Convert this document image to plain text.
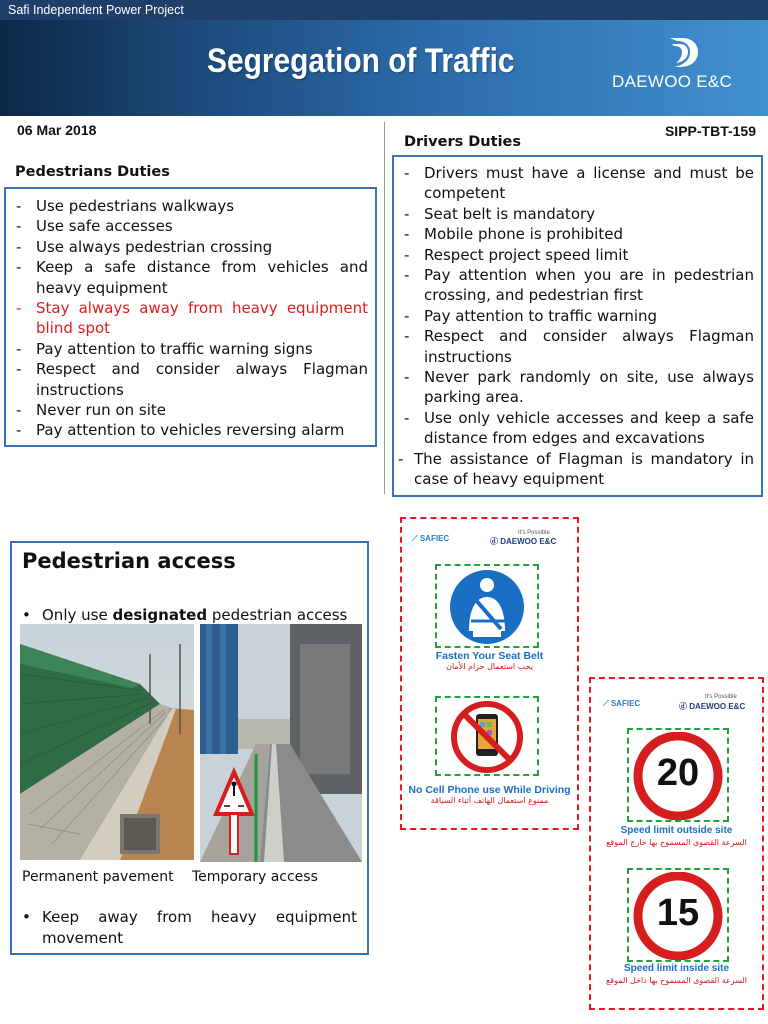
Safi Independent Power Project
Segregation of Traffic
DAEWOO E&C
06 Mar 2018	SIPP-TBT-159
Pedestrians Duties
- Use pedestrians walkways
- Use safe accesses
- Use always pedestrian crossing
- Keep a safe distance from vehicles and heavy equipment
- Stay always away from heavy equipment blind spot
- Pay attention to traffic warning signs
- Respect and consider always Flagman instructions
- Never run on site
- Pay attention to vehicles reversing alarm
Drivers Duties
- Drivers must have a license and must be competent
- Seat belt is mandatory
- Mobile phone is prohibited
- Respect project speed limit
- Pay attention when you are in pedestrian crossing, and pedestrian first
- Pay attention to traffic warning
- Respect and consider always Flagman instructions
- Never park randomly on site, use always parking area.
- Use only vehicle accesses and keep a safe distance from edges and excavations
- The assistance of Flagman is mandatory in case of heavy equipment
Pedestrian access
• Only use designated pedestrian access
Permanent pavement Temporary access
• Keep away from heavy equipment movement
⟋ SAFIEC
It's Possible
ⓓ DAEWOO E&C
Fasten Your Seat Belt
يجب استعمال حزام الأمان
No Cell Phone use While Driving
ممنوع استعمال الهاتف أثناء السياقة
⟋ SAFIEC
It's Possible
ⓓ DAEWOO E&C
20
Speed limit outside site
السرعة القصوى المسموح بها خارج الموقع
15
Speed limit inside site
السرعة القصوى المسموح بها داخل الموقع
